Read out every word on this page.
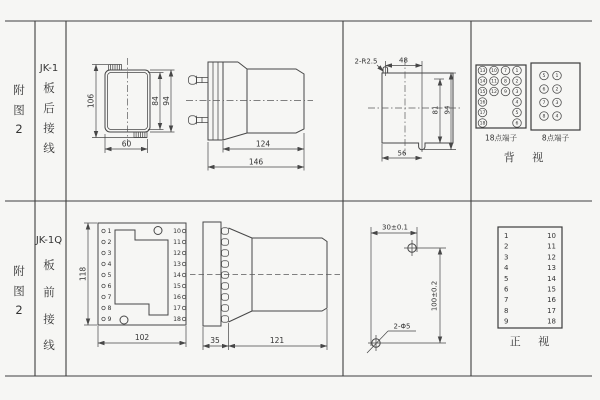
附
图
2
JK-1
板
后
接
线
106	84 94
60	124
146
48
2-R2.5
81 94
56
13
14
15
16
17
18
10
11
12
7
8
9
1
2
3
4
5
6
18点端子
5
6
7
8
1
2
3
4
8点端子
背 视
附
图
2
JK-1Q
板
前
接
线
1
2
3
4
5
6
7
8
9
10
11
12
13
14
15
16
17
18
118
102	35	121
30±0.1
100±0.2
2-Φ5
1
2
3
4
5
6
7
8
9
10
11
12
13
14
15
16
17
18
正 视
